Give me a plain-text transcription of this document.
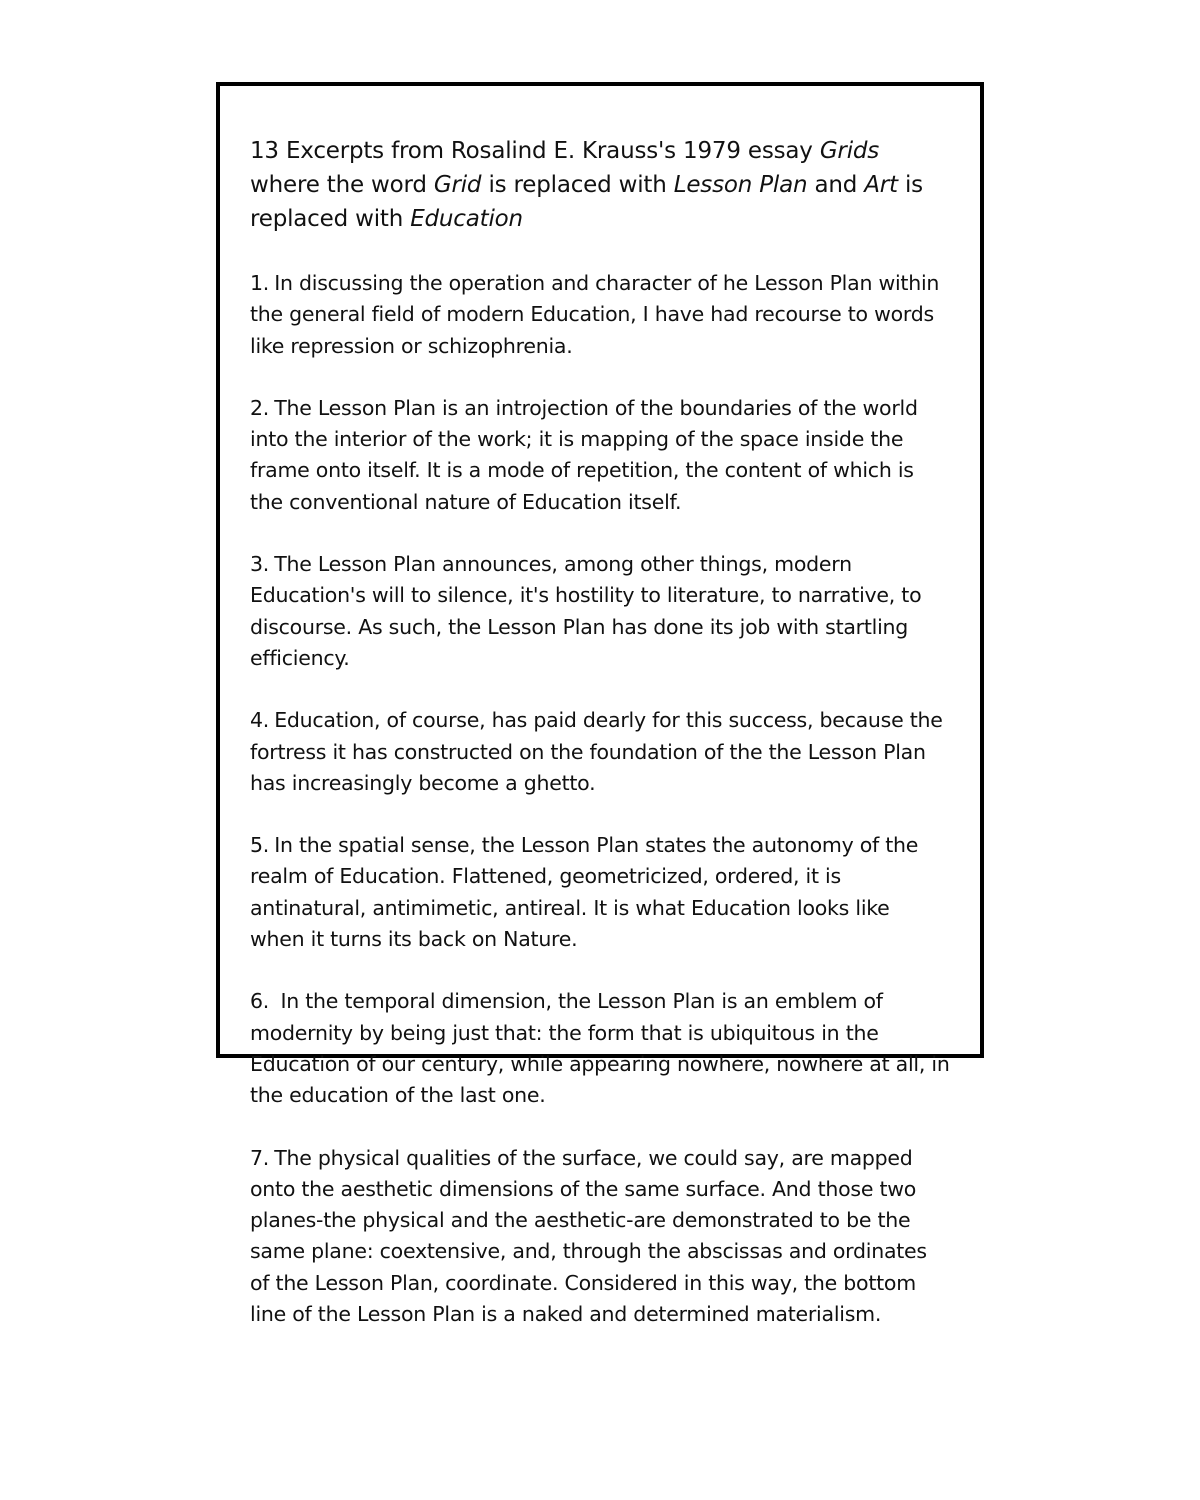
13 Excerpts from Rosalind E. Krauss's 1979 essay Grids where the word Grid is replaced with Lesson Plan and Art is replaced with Education

1. In discussing the operation and character of he Lesson Plan within the general field of modern Education, I have had recourse to words like repression or schizophrenia.

2. The Lesson Plan is an introjection of the boundaries of the world into the interior of the work; it is mapping of the space inside the frame onto itself. It is a mode of repetition, the content of which is the conventional nature of Education itself.

3. The Lesson Plan announces, among other things, modern Education's will to silence, it's hostility to literature, to narrative, to discourse. As such, the Lesson Plan has done its job with startling efficiency.

4. Education, of course, has paid dearly for this success, because the fortress it has constructed on the foundation of the the Lesson Plan has increasingly become a ghetto.

5. In the spatial sense, the Lesson Plan states the autonomy of the realm of Education. Flattened, geometricized, ordered, it is antinatural, antimimetic, antireal. It is what Education looks like when it turns its back on Nature.

6. In the temporal dimension, the Lesson Plan is an emblem of modernity by being just that: the form that is ubiquitous in the Education of our century, while appearing nowhere, nowhere at all, in the education of the last one.

7. The physical qualities of the surface, we could say, are mapped onto the aesthetic dimensions of the same surface. And those two planes-the physical and the aesthetic-are demonstrated to be the same plane: coextensive, and, through the abscissas and ordinates of the Lesson Plan, coordinate. Considered in this way, the bottom line of the Lesson Plan is a naked and determined materialism.
